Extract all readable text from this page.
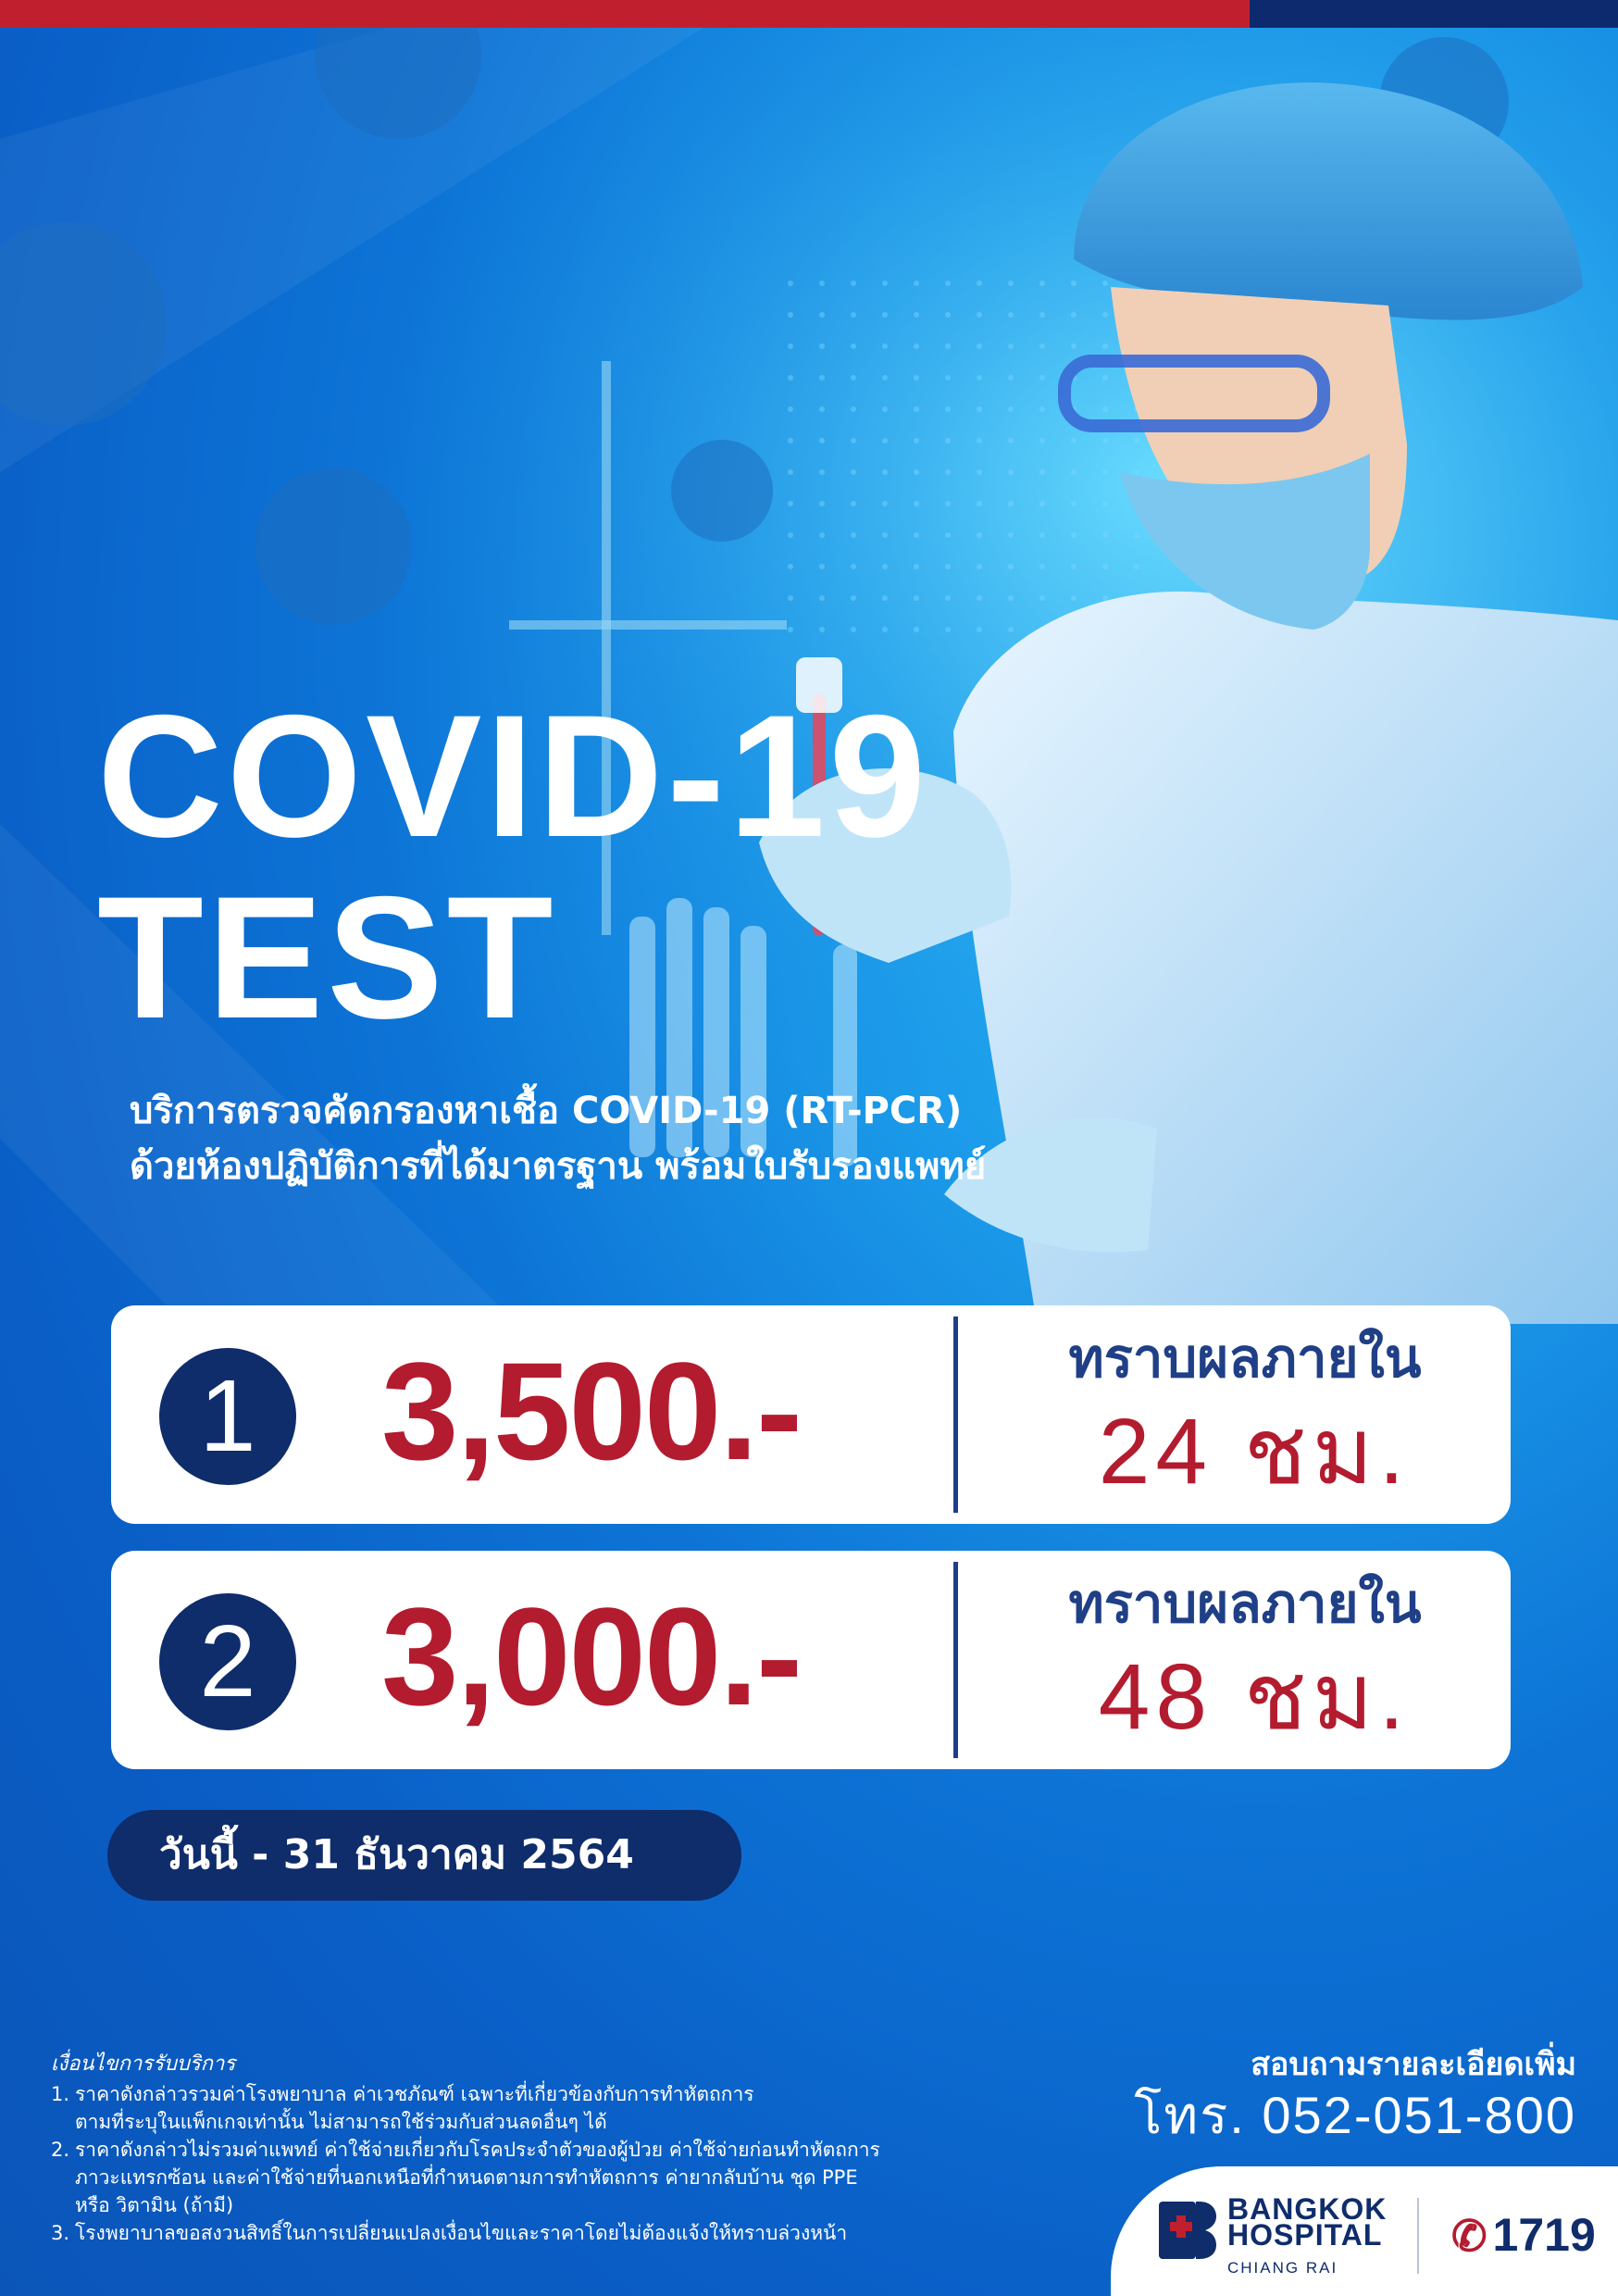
COVID-19
TEST
บริการตรวจคัดกรองหาเชื้อ COVID-19 (RT-PCR)
ด้วยห้องปฏิบัติการที่ได้มาตรฐาน พร้อมใบรับรองแพทย์
1 3,500.-	ทราบผลภายใน
24 ชม.
2 3,000.-	ทราบผลภายใน
48 ชม.
วันนี้ - 31 ธันวาคม 2564
เงื่อนไขการรับบริการ
1. ราคาดังกล่าวรวมค่าโรงพยาบาล ค่าเวชภัณฑ์ เฉพาะที่เกี่ยวข้องกับการทำหัตถการ
ตามที่ระบุในแพ็กเกจเท่านั้น ไม่สามารถใช้ร่วมกับส่วนลดอื่นๆ ได้
2. ราคาดังกล่าวไม่รวมค่าแพทย์ ค่าใช้จ่ายเกี่ยวกับโรคประจำตัวของผู้ป่วย ค่าใช้จ่ายก่อนทำหัตถการ
ภาวะแทรกซ้อน และค่าใช้จ่ายที่นอกเหนือที่กำหนดตามการทำหัตถการ ค่ายากลับบ้าน ชุด PPE
หรือ วิตามิน (ถ้ามี)
3. โรงพยาบาลขอสงวนสิทธิ์ในการเปลี่ยนแปลงเงื่อนไขและราคาโดยไม่ต้องแจ้งให้ทราบล่วงหน้า
สอบถามรายละเอียดเพิ่ม
โทร. 052-051-800
BANGKOK
HOSPITAL
CHIANG RAI
✆ 1719
